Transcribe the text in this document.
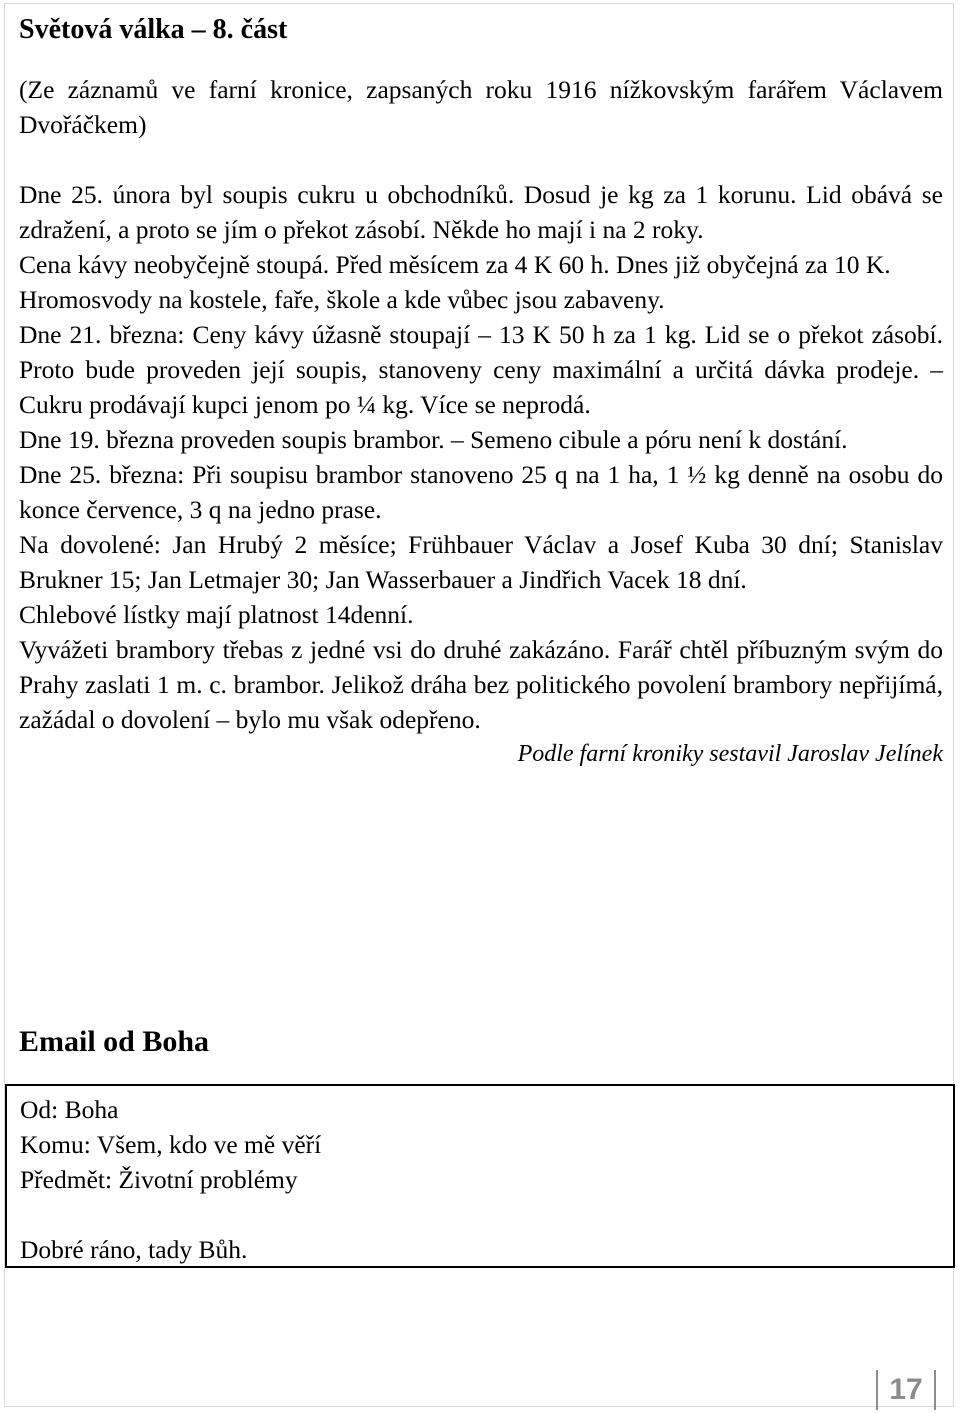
Světová válka – 8. část

(Ze záznamů ve farní kronice, zapsaných roku 1916 nížkovským farářem Václavem Dvořáčkem)

Dne 25. února byl soupis cukru u obchodníků. Dosud je kg za 1 korunu. Lid obává se zdražení, a proto se jím o překot zásobí. Někde ho mají i na 2 roky.

Cena kávy neobyčejně stoupá. Před měsícem za 4 K 60 h. Dnes již obyčejná za 10 K.

Hromosvody na kostele, faře, škole a kde vůbec jsou zabaveny.

Dne 21. března: Ceny kávy úžasně stoupají – 13 K 50 h za 1 kg. Lid se o překot zásobí. Proto bude proveden její soupis, stanoveny ceny maximální a určitá dávka prodeje. – Cukru prodávají kupci jenom po ¼ kg. Více se neprodá.

Dne 19. března proveden soupis brambor. – Semeno cibule a póru není k dostání.

Dne 25. března: Při soupisu brambor stanoveno 25 q na 1 ha, 1 ½ kg denně na osobu do konce července, 3 q na jedno prase.

Na dovolené: Jan Hrubý 2 měsíce; Frühbauer Václav a Josef Kuba 30 dní; Stanislav Brukner 15; Jan Letmajer 30; Jan Wasserbauer a Jindřich Vacek 18 dní.

Chlebové lístky mají platnost 14denní.

Vyvážeti brambory třebas z jedné vsi do druhé zakázáno. Farář chtěl příbuzným svým do Prahy zaslati 1 m. c. brambor. Jelikož dráha bez politického povolení brambory nepřijímá, zažádal o dovolení – bylo mu však odepřeno.

Podle farní kroniky sestavil Jaroslav Jelínek

Email od Boha

Od: Boha

Komu: Všem, kdo ve mě věří

Předmět: Životní problémy

Dobré ráno, tady Bůh.

17
